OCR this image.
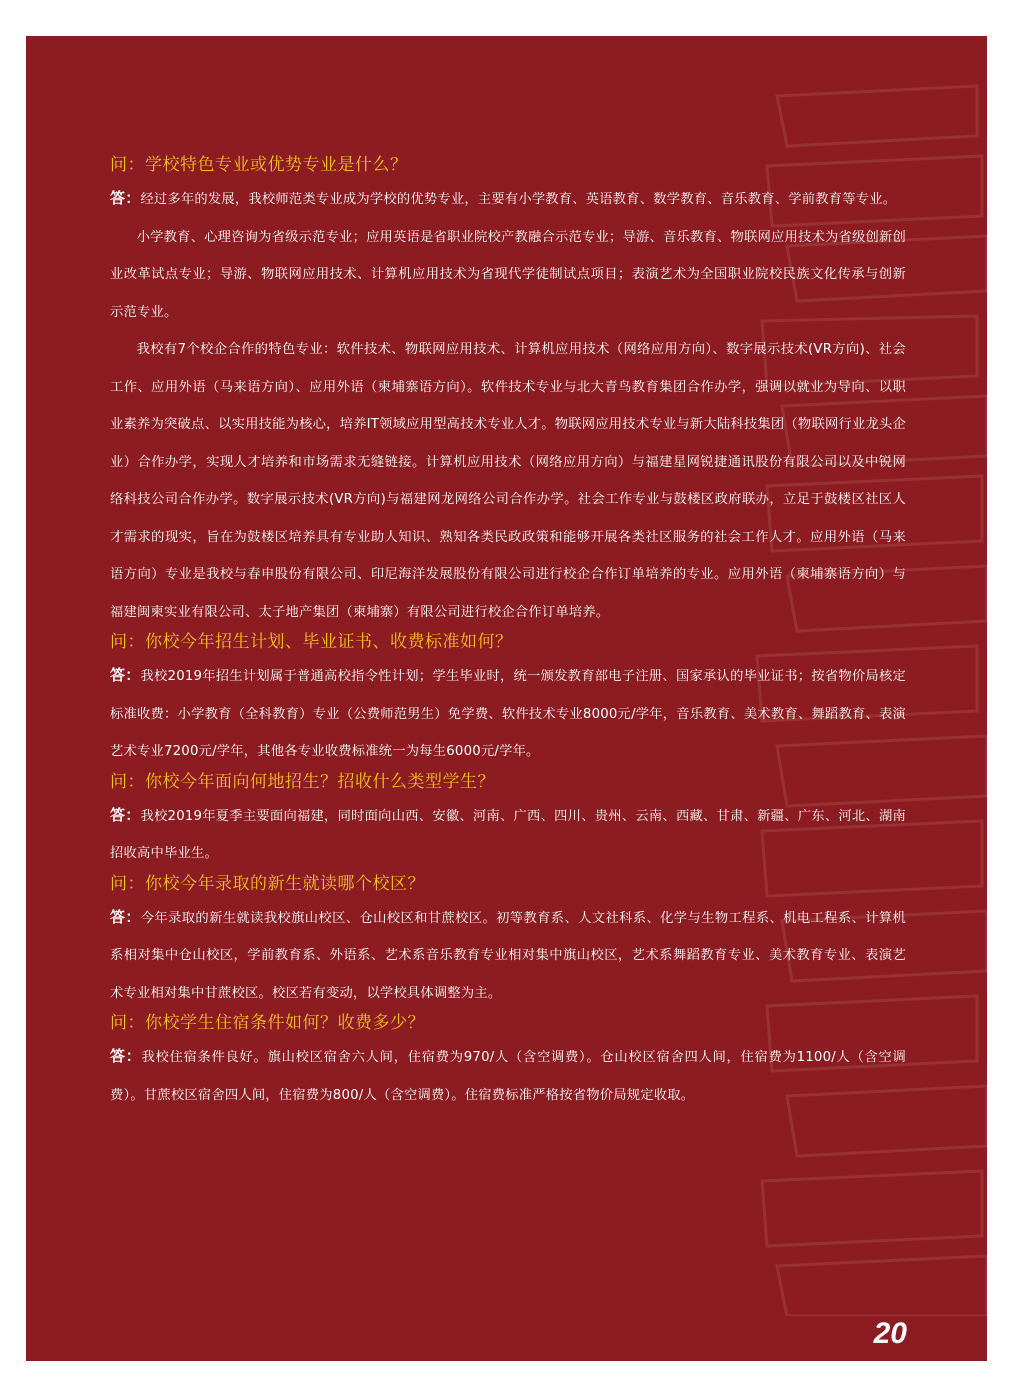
问：学校特色专业或优势专业是什么？

答：经过多年的发展，我校师范类专业成为学校的优势专业，主要有小学教育、英语教育、数学教育、音乐教育、学前教育等专业。

小学教育、心理咨询为省级示范专业；应用英语是省职业院校产教融合示范专业；导游、音乐教育、物联网应用技术为省级创新创业改革试点专业；导游、物联网应用技术、计算机应用技术为省现代学徒制试点项目；表演艺术为全国职业院校民族文化传承与创新示范专业。

我校有7个校企合作的特色专业：软件技术、物联网应用技术、计算机应用技术（网络应用方向）、数字展示技术(VR方向)、社会工作、应用外语（马来语方向）、应用外语（柬埔寨语方向）。软件技术专业与北大青鸟教育集团合作办学，强调以就业为导向、以职业素养为突破点、以实用技能为核心，培养IT领域应用型高技术专业人才。物联网应用技术专业与新大陆科技集团（物联网行业龙头企业）合作办学，实现人才培养和市场需求无缝链接。计算机应用技术（网络应用方向）与福建星网锐捷通讯股份有限公司以及中锐网络科技公司合作办学。数字展示技术(VR方向)与福建网龙网络公司合作办学。社会工作专业与鼓楼区政府联办，立足于鼓楼区社区人才需求的现实，旨在为鼓楼区培养具有专业助人知识、熟知各类民政政策和能够开展各类社区服务的社会工作人才。应用外语（马来语方向）专业是我校与春申股份有限公司、印尼海洋发展股份有限公司进行校企合作订单培养的专业。应用外语（柬埔寨语方向）与福建闽柬实业有限公司、太子地产集团（柬埔寨）有限公司进行校企合作订单培养。

问：你校今年招生计划、毕业证书、收费标准如何？

答：我校2019年招生计划属于普通高校指令性计划；学生毕业时，统一颁发教育部电子注册、国家承认的毕业证书；按省物价局核定标准收费：小学教育（全科教育）专业（公费师范男生）免学费、软件技术专业8000元/学年，音乐教育、美术教育、舞蹈教育、表演艺术专业7200元/学年，其他各专业收费标准统一为每生6000元/学年。

问：你校今年面向何地招生？招收什么类型学生？

答：我校2019年夏季主要面向福建，同时面向山西、安徽、河南、广西、四川、贵州、云南、西藏、甘肃、新疆、广东、河北、湖南招收高中毕业生。

问：你校今年录取的新生就读哪个校区？

答：今年录取的新生就读我校旗山校区、仓山校区和甘蔗校区。初等教育系、人文社科系、化学与生物工程系、机电工程系、计算机系相对集中仓山校区，学前教育系、外语系、艺术系音乐教育专业相对集中旗山校区，艺术系舞蹈教育专业、美术教育专业、表演艺术专业相对集中甘蔗校区。校区若有变动，以学校具体调整为主。

问：你校学生住宿条件如何？收费多少？

答：我校住宿条件良好。旗山校区宿舍六人间，住宿费为970/人（含空调费）。仓山校区宿舍四人间，住宿费为1100/人（含空调费）。甘蔗校区宿舍四人间，住宿费为800/人（含空调费）。住宿费标准严格按省物价局规定收取。

20
